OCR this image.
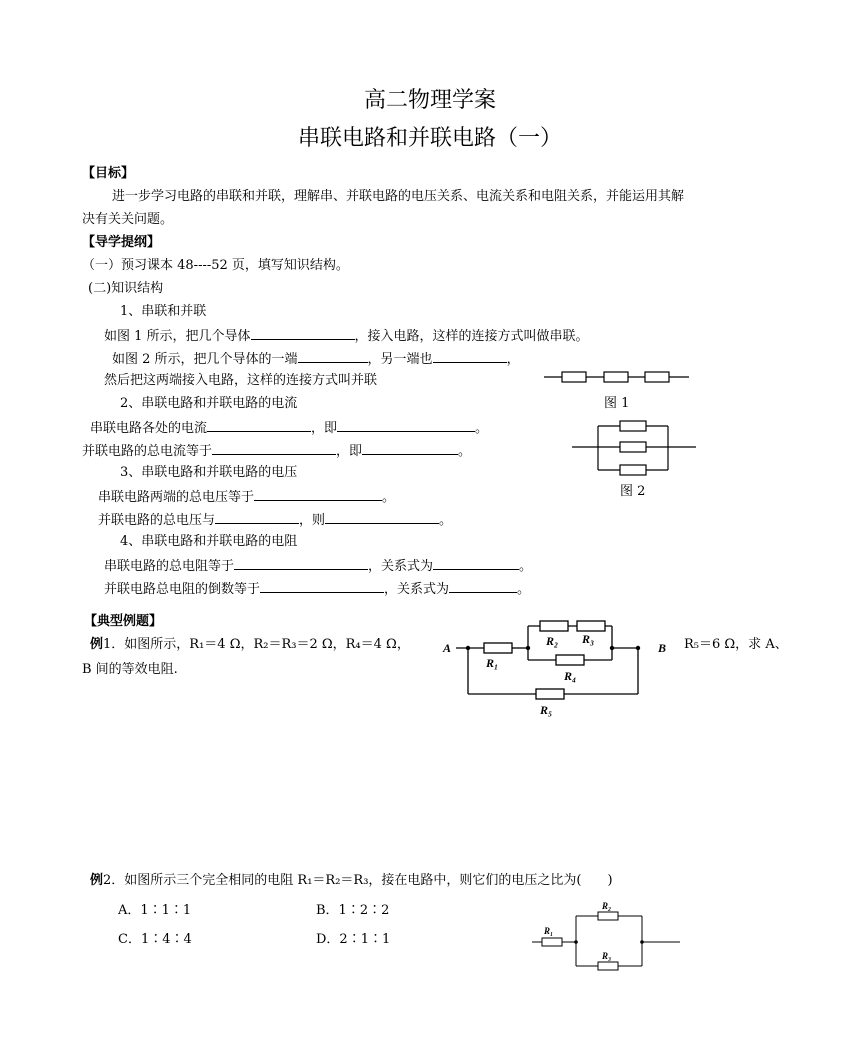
高二物理学案
串联电路和并联电路（一）
【目标】
进一步学习电路的串联和并联，理解串、并联电路的电压关系、电流关系和电阻关系，并能运用其解
决有关关问题。
【导学提纲】
（一）预习课本 48----52 页，填写知识结构。
(二)知识结构
1、串联和并联
如图 1 所示，把几个导体	，接入电路，这样的连接方式叫做串联。
如图 2 所示，把几个导体的一端	，另一端也	，
然后把这两端接入电路，这样的连接方式叫并联
2、串联电路和并联电路的电流
串联电路各处的电流	，即	。
并联电路的总电流等于	，即	。
3、串联电路和并联电路的电压
串联电路两端的总电压等于	。
并联电路的总电压与	，则	。
4、串联电路和并联电路的电阻
串联电路的总电阻等于	，关系式为	。
并联电路总电阻的倒数等于	，关系式为	。
图 1
图 2
【典型例题】
例1．如图所示，R₁＝4 Ω，R₂＝R₃＝2 Ω，R₄＝4 Ω，	R₅＝6 Ω，求 A、
B 间的等效电阻.
A	B
R₁
R₂ R₃
R₄
R₅
例2．如图所示三个完全相同的电阻 R₁＝R₂＝R₃，接在电路中，则它们的电压之比为(　　)
A．1∶1∶1	B．1∶2∶2
C．1∶4∶4	D．2∶1∶1
R₁
R₂
R₃
